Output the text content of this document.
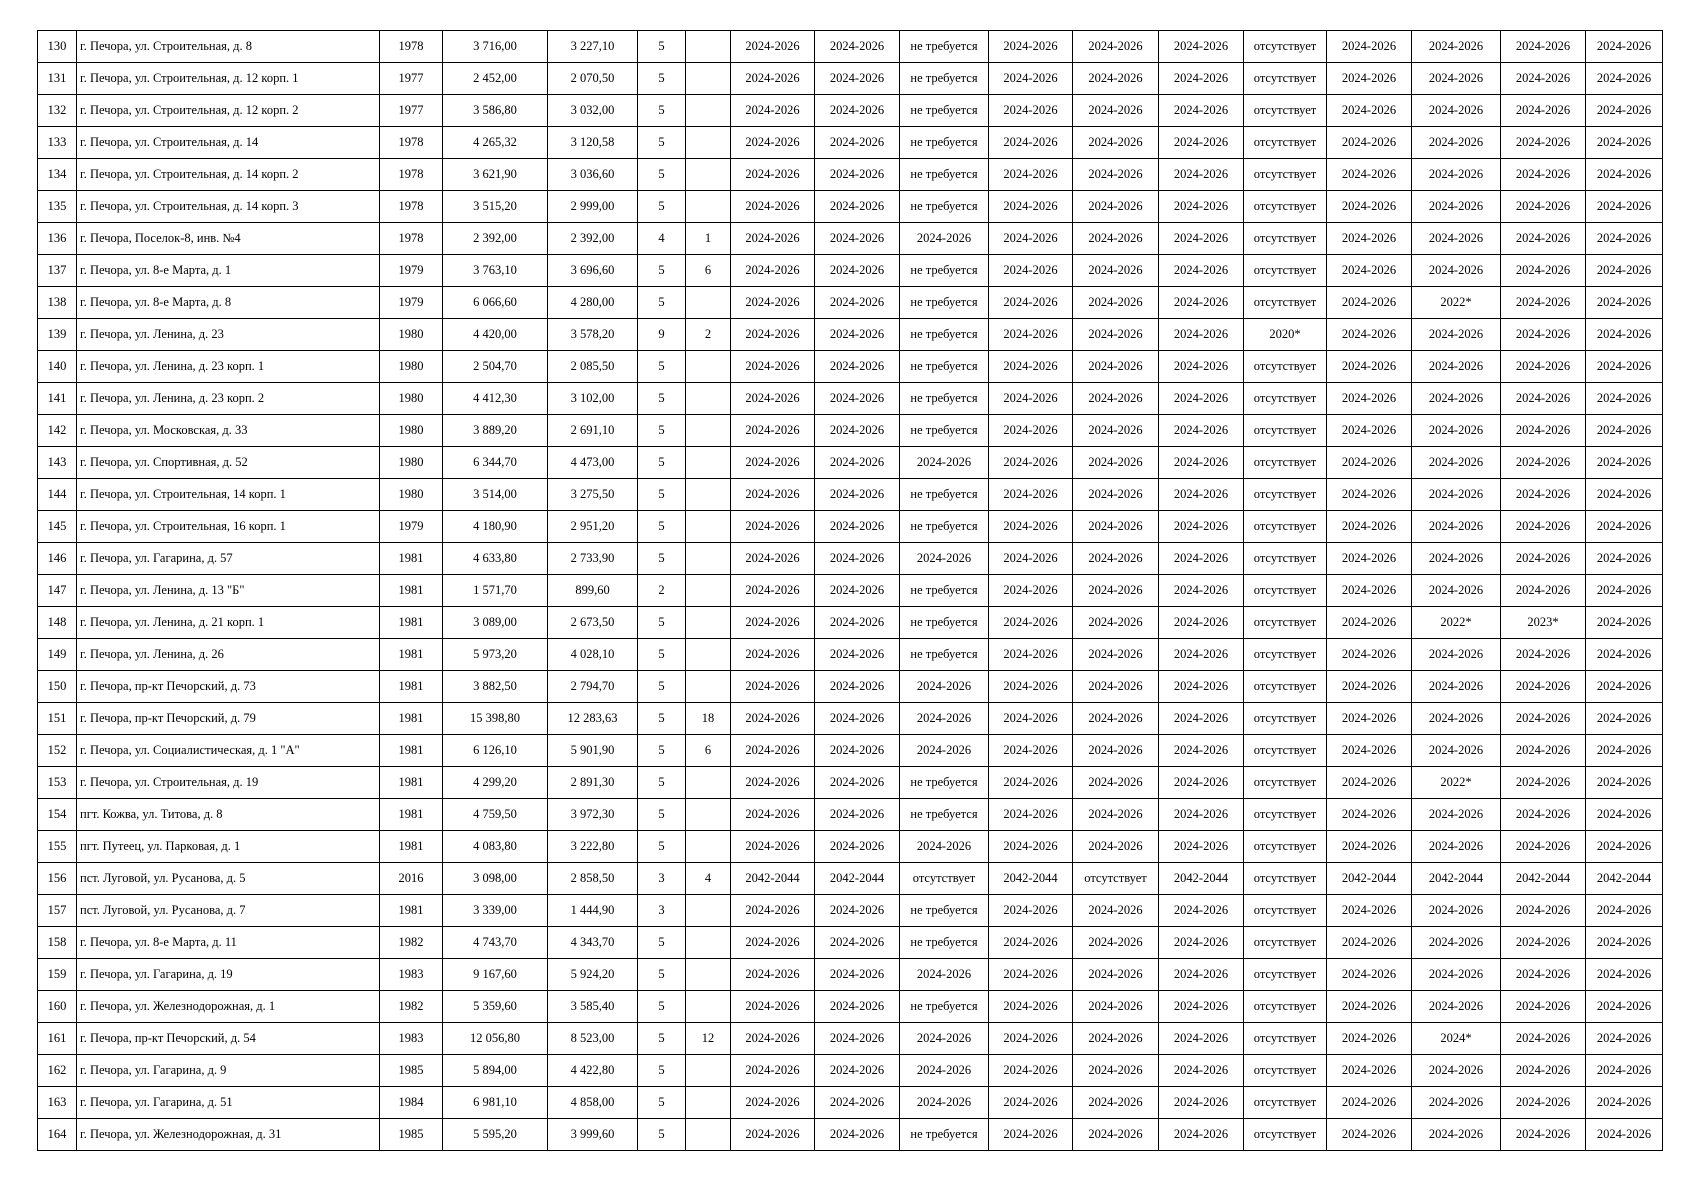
130	г. Печора, ул. Строительная, д. 8	1978	3 716,00	3 227,10	5		2024-2026	2024-2026	не требуется	2024-2026	2024-2026	2024-2026	отсутствует	2024-2026	2024-2026	2024-2026	2024-2026
131	г. Печора, ул. Строительная, д. 12 корп. 1	1977	2 452,00	2 070,50	5		2024-2026	2024-2026	не требуется	2024-2026	2024-2026	2024-2026	отсутствует	2024-2026	2024-2026	2024-2026	2024-2026
132	г. Печора, ул. Строительная, д. 12 корп. 2	1977	3 586,80	3 032,00	5		2024-2026	2024-2026	не требуется	2024-2026	2024-2026	2024-2026	отсутствует	2024-2026	2024-2026	2024-2026	2024-2026
133	г. Печора, ул. Строительная, д. 14	1978	4 265,32	3 120,58	5		2024-2026	2024-2026	не требуется	2024-2026	2024-2026	2024-2026	отсутствует	2024-2026	2024-2026	2024-2026	2024-2026
134	г. Печора, ул. Строительная, д. 14 корп. 2	1978	3 621,90	3 036,60	5		2024-2026	2024-2026	не требуется	2024-2026	2024-2026	2024-2026	отсутствует	2024-2026	2024-2026	2024-2026	2024-2026
135	г. Печора, ул. Строительная, д. 14 корп. 3	1978	3 515,20	2 999,00	5		2024-2026	2024-2026	не требуется	2024-2026	2024-2026	2024-2026	отсутствует	2024-2026	2024-2026	2024-2026	2024-2026
136	г. Печора, Поселок-8, инв. №4	1978	2 392,00	2 392,00	4	1	2024-2026	2024-2026	2024-2026	2024-2026	2024-2026	2024-2026	отсутствует	2024-2026	2024-2026	2024-2026	2024-2026
137	г. Печора, ул. 8-е Марта, д. 1	1979	3 763,10	3 696,60	5	6	2024-2026	2024-2026	не требуется	2024-2026	2024-2026	2024-2026	отсутствует	2024-2026	2024-2026	2024-2026	2024-2026
138	г. Печора, ул. 8-е Марта, д. 8	1979	6 066,60	4 280,00	5		2024-2026	2024-2026	не требуется	2024-2026	2024-2026	2024-2026	отсутствует	2024-2026	2022*	2024-2026	2024-2026
139	г. Печора, ул. Ленина, д. 23	1980	4 420,00	3 578,20	9	2	2024-2026	2024-2026	не требуется	2024-2026	2024-2026	2024-2026	2020*	2024-2026	2024-2026	2024-2026	2024-2026
140	г. Печора, ул. Ленина, д. 23 корп. 1	1980	2 504,70	2 085,50	5		2024-2026	2024-2026	не требуется	2024-2026	2024-2026	2024-2026	отсутствует	2024-2026	2024-2026	2024-2026	2024-2026
141	г. Печора, ул. Ленина, д. 23 корп. 2	1980	4 412,30	3 102,00	5		2024-2026	2024-2026	не требуется	2024-2026	2024-2026	2024-2026	отсутствует	2024-2026	2024-2026	2024-2026	2024-2026
142	г. Печора, ул. Московская, д. 33	1980	3 889,20	2 691,10	5		2024-2026	2024-2026	не требуется	2024-2026	2024-2026	2024-2026	отсутствует	2024-2026	2024-2026	2024-2026	2024-2026
143	г. Печора, ул. Спортивная, д. 52	1980	6 344,70	4 473,00	5		2024-2026	2024-2026	2024-2026	2024-2026	2024-2026	2024-2026	отсутствует	2024-2026	2024-2026	2024-2026	2024-2026
144	г. Печора, ул. Строительная, 14 корп. 1	1980	3 514,00	3 275,50	5		2024-2026	2024-2026	не требуется	2024-2026	2024-2026	2024-2026	отсутствует	2024-2026	2024-2026	2024-2026	2024-2026
145	г. Печора, ул. Строительная, 16 корп. 1	1979	4 180,90	2 951,20	5		2024-2026	2024-2026	не требуется	2024-2026	2024-2026	2024-2026	отсутствует	2024-2026	2024-2026	2024-2026	2024-2026
146	г. Печора, ул. Гагарина, д. 57	1981	4 633,80	2 733,90	5		2024-2026	2024-2026	2024-2026	2024-2026	2024-2026	2024-2026	отсутствует	2024-2026	2024-2026	2024-2026	2024-2026
147	г. Печора, ул. Ленина, д. 13 "Б"	1981	1 571,70	899,60	2		2024-2026	2024-2026	не требуется	2024-2026	2024-2026	2024-2026	отсутствует	2024-2026	2024-2026	2024-2026	2024-2026
148	г. Печора, ул. Ленина, д. 21 корп. 1	1981	3 089,00	2 673,50	5		2024-2026	2024-2026	не требуется	2024-2026	2024-2026	2024-2026	отсутствует	2024-2026	2022*	2023*	2024-2026
149	г. Печора, ул. Ленина, д. 26	1981	5 973,20	4 028,10	5		2024-2026	2024-2026	не требуется	2024-2026	2024-2026	2024-2026	отсутствует	2024-2026	2024-2026	2024-2026	2024-2026
150	г. Печора, пр-кт Печорский, д. 73	1981	3 882,50	2 794,70	5		2024-2026	2024-2026	2024-2026	2024-2026	2024-2026	2024-2026	отсутствует	2024-2026	2024-2026	2024-2026	2024-2026
151	г. Печора, пр-кт Печорский, д. 79	1981	15 398,80	12 283,63	5	18	2024-2026	2024-2026	2024-2026	2024-2026	2024-2026	2024-2026	отсутствует	2024-2026	2024-2026	2024-2026	2024-2026
152	г. Печора, ул. Социалистическая, д. 1 "А"	1981	6 126,10	5 901,90	5	6	2024-2026	2024-2026	2024-2026	2024-2026	2024-2026	2024-2026	отсутствует	2024-2026	2024-2026	2024-2026	2024-2026
153	г. Печора, ул. Строительная, д. 19	1981	4 299,20	2 891,30	5		2024-2026	2024-2026	не требуется	2024-2026	2024-2026	2024-2026	отсутствует	2024-2026	2022*	2024-2026	2024-2026
154	пгт. Кожва, ул. Титова, д. 8	1981	4 759,50	3 972,30	5		2024-2026	2024-2026	не требуется	2024-2026	2024-2026	2024-2026	отсутствует	2024-2026	2024-2026	2024-2026	2024-2026
155	пгт. Путеец, ул. Парковая, д. 1	1981	4 083,80	3 222,80	5		2024-2026	2024-2026	2024-2026	2024-2026	2024-2026	2024-2026	отсутствует	2024-2026	2024-2026	2024-2026	2024-2026
156	пст. Луговой, ул. Русанова, д. 5	2016	3 098,00	2 858,50	3	4	2042-2044	2042-2044	отсутствует	2042-2044	отсутствует	2042-2044	отсутствует	2042-2044	2042-2044	2042-2044	2042-2044
157	пст. Луговой, ул. Русанова, д. 7	1981	3 339,00	1 444,90	3		2024-2026	2024-2026	не требуется	2024-2026	2024-2026	2024-2026	отсутствует	2024-2026	2024-2026	2024-2026	2024-2026
158	г. Печора, ул. 8-е Марта, д. 11	1982	4 743,70	4 343,70	5		2024-2026	2024-2026	не требуется	2024-2026	2024-2026	2024-2026	отсутствует	2024-2026	2024-2026	2024-2026	2024-2026
159	г. Печора, ул. Гагарина, д. 19	1983	9 167,60	5 924,20	5		2024-2026	2024-2026	2024-2026	2024-2026	2024-2026	2024-2026	отсутствует	2024-2026	2024-2026	2024-2026	2024-2026
160	г. Печора, ул. Железнодорожная, д. 1	1982	5 359,60	3 585,40	5		2024-2026	2024-2026	не требуется	2024-2026	2024-2026	2024-2026	отсутствует	2024-2026	2024-2026	2024-2026	2024-2026
161	г. Печора, пр-кт Печорский, д. 54	1983	12 056,80	8 523,00	5	12	2024-2026	2024-2026	2024-2026	2024-2026	2024-2026	2024-2026	отсутствует	2024-2026	2024*	2024-2026	2024-2026
162	г. Печора, ул. Гагарина, д. 9	1985	5 894,00	4 422,80	5		2024-2026	2024-2026	2024-2026	2024-2026	2024-2026	2024-2026	отсутствует	2024-2026	2024-2026	2024-2026	2024-2026
163	г. Печора, ул. Гагарина, д. 51	1984	6 981,10	4 858,00	5		2024-2026	2024-2026	2024-2026	2024-2026	2024-2026	2024-2026	отсутствует	2024-2026	2024-2026	2024-2026	2024-2026
164	г. Печора, ул. Железнодорожная, д. 31	1985	5 595,20	3 999,60	5		2024-2026	2024-2026	не требуется	2024-2026	2024-2026	2024-2026	отсутствует	2024-2026	2024-2026	2024-2026	2024-2026
